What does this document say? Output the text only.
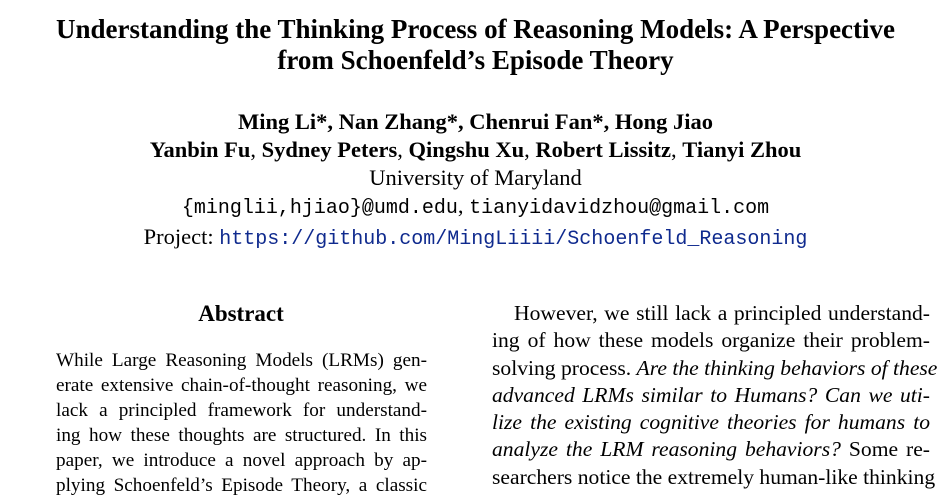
Understanding the Thinking Process of Reasoning Models: A Perspective
from Schoenfeld’s Episode Theory
Ming Li*, Nan Zhang*, Chenrui Fan*, Hong Jiao
Yanbin Fu, Sydney Peters, Qingshu Xu, Robert Lissitz, Tianyi Zhou
University of Maryland
{minglii,hjiao}@umd.edu, tianyidavidzhou@gmail.com
Project: https://github.com/MingLiiii/Schoenfeld_Reasoning
Abstract
While Large Reasoning Models (LRMs) gen-
erate extensive chain-of-thought reasoning, we
lack a principled framework for understand-
ing how these thoughts are structured. In this
paper, we introduce a novel approach by ap-
plying Schoenfeld’s Episode Theory, a classic
However, we still lack a principled understand-
ing of how these models organize their problem-
solving process. Are the thinking behaviors of these
advanced LRMs similar to Humans? Can we uti-
lize the existing cognitive theories for humans to
analyze the LRM reasoning behaviors? Some re-
searchers notice the extremely human-like thinking
